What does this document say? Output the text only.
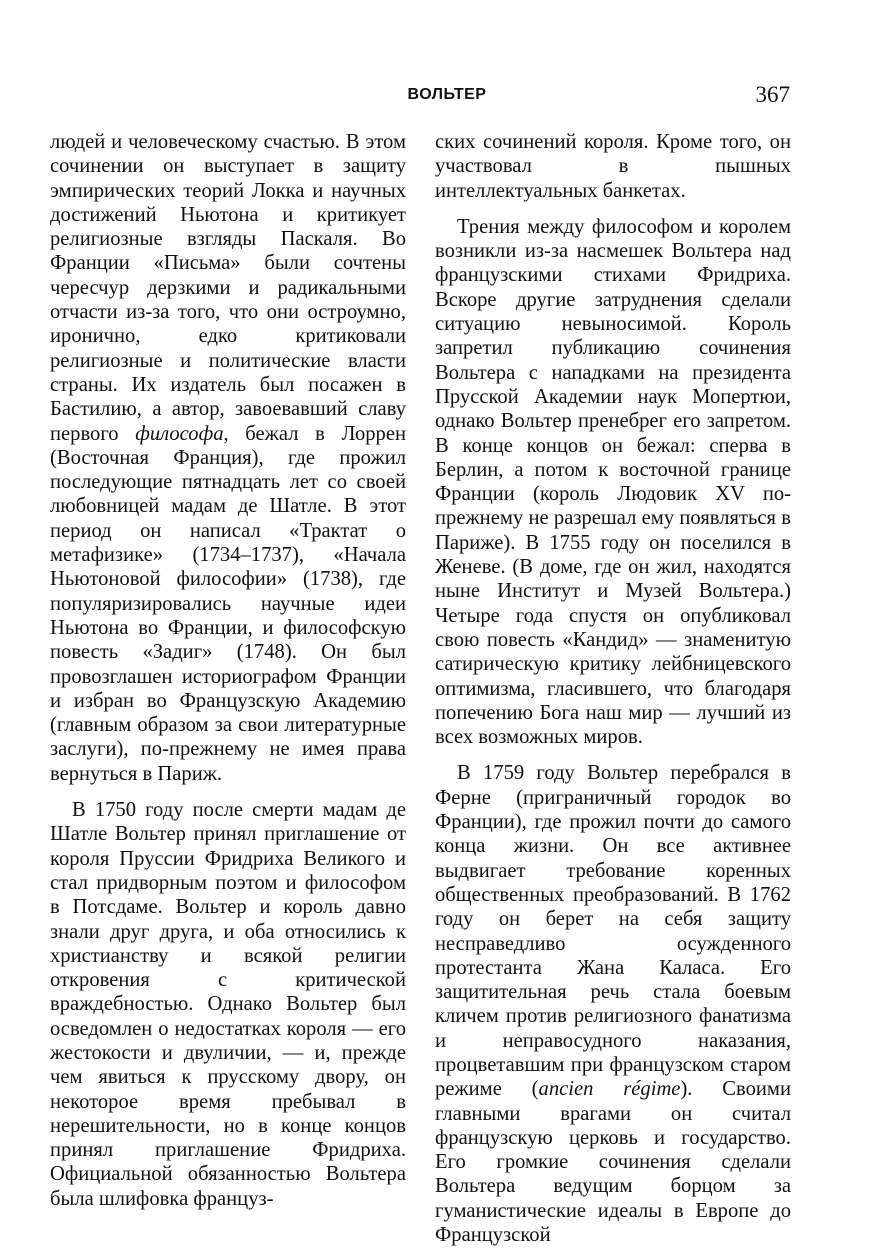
ВОЛЬТЕР	367

людей и человеческому счастью. В этом сочинении он выступает в защиту эмпирических теорий Локка и научных достижений Ньютона и критикует религиозные взгляды Паскаля. Во Франции «Письма» были сочтены чересчур дерзкими и радикальными отчасти из-за того, что они остроумно, иронично, едко критиковали религиозные и политические власти страны. Их издатель был посажен в Бастилию, а автор, завоевавший славу первого философа, бежал в Лоррен (Восточная Франция), где прожил последующие пятнадцать лет со своей любовницей мадам де Шатле. В этот период он написал «Трактат о метафизике» (1734–1737), «Начала Ньютоновой философии» (1738), где популяризировались научные идеи Ньютона во Франции, и философскую повесть «Задиг» (1748). Он был провозглашен историографом Франции и избран во Французскую Академию (главным образом за свои литературные заслуги), по-прежнему не имея права вернуться в Париж.

В 1750 году после смерти мадам де Шатле Вольтер принял приглашение от короля Пруссии Фридриха Великого и стал придворным поэтом и философом в Потсдаме. Вольтер и король давно знали друг друга, и оба относились к христианству и всякой религии откровения с критической враждебностью. Однако Вольтер был осведомлен о недостатках короля — его жестокости и двуличии, — и, прежде чем явиться к прусскому двору, он некоторое время пребывал в нерешительности, но в конце концов принял приглашение Фридриха. Официальной обязанностью Вольтера была шлифовка француз-

ских сочинений короля. Кроме того, он участвовал в пышных интеллектуальных банкетах.

Трения между философом и королем возникли из-за насмешек Вольтера над французскими стихами Фридриха. Вскоре другие затруднения сделали ситуацию невыносимой. Король запретил публикацию сочинения Вольтера с нападками на президента Прусской Академии наук Мопертюи, однако Вольтер пренебрег его запретом. В конце концов он бежал: сперва в Берлин, а потом к восточной границе Франции (король Людовик XV по-прежнему не разрешал ему появляться в Париже). В 1755 году он поселился в Женеве. (В доме, где он жил, находятся ныне Институт и Музей Вольтера.) Четыре года спустя он опубликовал свою повесть «Кандид» — знаменитую сатирическую критику лейбницевского оптимизма, гласившего, что благодаря попечению Бога наш мир — лучший из всех возможных миров.

В 1759 году Вольтер перебрался в Ферне (приграничный городок во Франции), где прожил почти до самого конца жизни. Он все активнее выдвигает требование коренных общественных преобразований. В 1762 году он берет на себя защиту несправедливо осужденного протестанта Жана Каласа. Его защитительная речь стала боевым кличем против религиозного фанатизма и неправосудного наказания, процветавшим при французском старом режиме (ancien régime). Своими главными врагами он считал французскую церковь и государство. Его громкие сочинения сделали Вольтера ведущим борцом за гуманистические идеалы в Европе до Французской
